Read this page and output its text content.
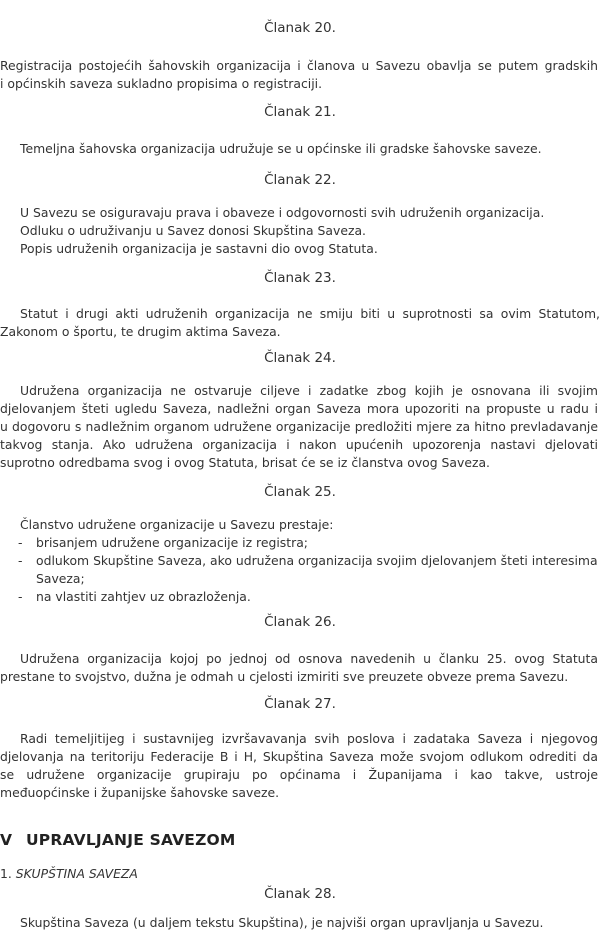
Članak 20.
Registracija postojećih šahovskih organizacija i članova u Savezu obavlja se putem gradskih
i općinskih saveza sukladno propisima o registraciji.
Članak 21.
Temeljna šahovska organizacija udružuje se u općinske ili gradske šahovske saveze.
Članak 22.
U Savezu se osiguravaju prava i obaveze i odgovornosti svih udruženih organizacija.
Odluku o udruživanju u Savez donosi Skupština Saveza.
Popis udruženih organizacija je sastavni dio ovog Statuta.
Članak 23.
Statut i drugi akti udruženih organizacija ne smiju biti u suprotnosti sa ovim Statutom,
Zakonom o športu, te drugim aktima Saveza.
Članak 24.
Udružena organizacija ne ostvaruje ciljeve i zadatke zbog kojih je osnovana ili svojim
djelovanjem šteti ugledu Saveza, nadležni organ Saveza mora upozoriti na propuste u radu i
u dogovoru s nadležnim organom udružene organizacije predložiti mjere za hitno prevladavanje
takvog stanja. Ako udružena organizacija i nakon upućenih upozorenja nastavi djelovati
suprotno odredbama svog i ovog Statuta, brisat će se iz članstva ovog Saveza.
Članak 25.
Članstvo udružene organizacije u Savezu prestaje:
- brisanjem udružene organizacije iz registra;
- odlukom Skupštine Saveza, ako udružena organizacija svojim djelovanjem šteti interesima
Saveza;
- na vlastiti zahtjev uz obrazloženja.
Članak 26.
Udružena organizacija kojoj po jednoj od osnova navedenih u članku 25. ovog Statuta
prestane to svojstvo, dužna je odmah u cjelosti izmiriti sve preuzete obveze prema Savezu.
Članak 27.
Radi temeljitijeg i sustavnijeg izvršavavanja svih poslova i zadataka Saveza i njegovog
djelovanja na teritoriju Federacije B i H, Skupština Saveza može svojom odlukom odrediti da
se udružene organizacije grupiraju po općinama i Županijama i kao takve, ustroje
međuopćinske i županijske šahovske saveze.
V UPRAVLJANJE SAVEZOM
1. SKUPŠTINA SAVEZA
Članak 28.
Skupština Saveza (u daljem tekstu Skupština), je najviši organ upravljanja u Savezu.
